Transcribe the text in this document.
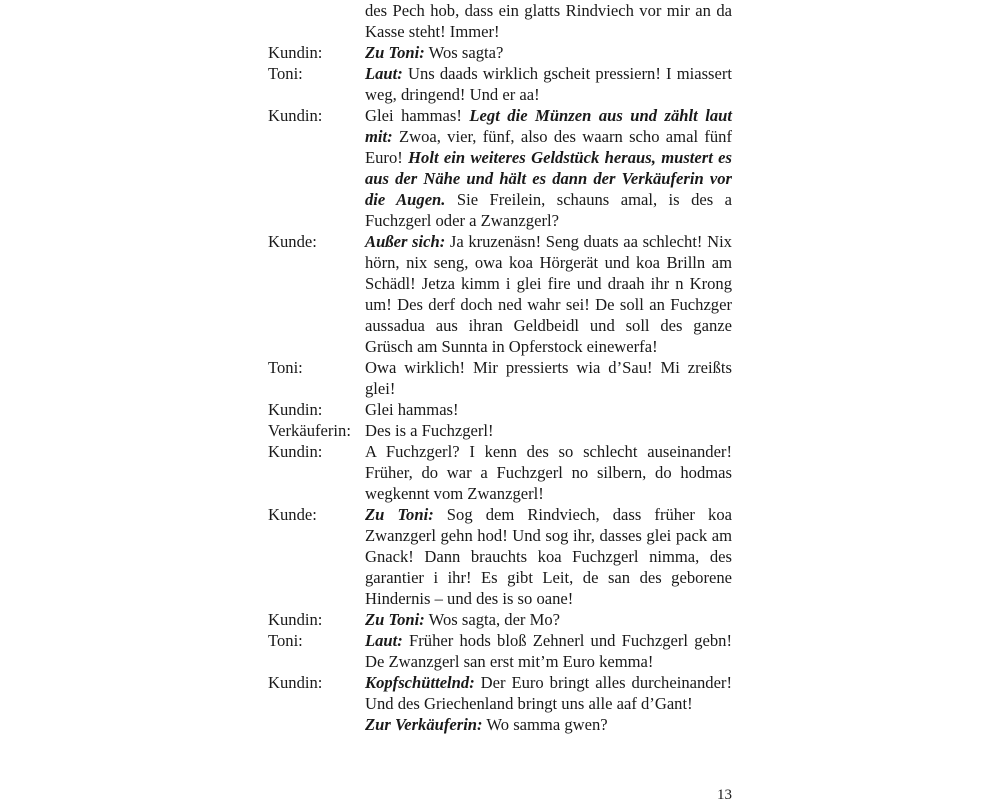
des Pech hob, dass ein glatts Rindviech vor mir an da Kasse steht! Immer!
Kundin:	Zu Toni: Wos sagta?
Toni:	Laut: Uns daads wirklich gscheit pressiern! I miassert weg, dringend! Und er aa!
Kundin:	Glei hammas! Legt die Münzen aus und zählt laut mit: Zwoa, vier, fünf, also des waarn scho amal fünf Euro! Holt ein weiteres Geldstück heraus, mustert es aus der Nähe und hält es dann der Verkäuferin vor die Augen. Sie Freilein, schauns amal, is des a Fuchzgerl oder a Zwanzgerl?
Kunde:	Außer sich: Ja kruzenäsn! Seng duats aa schlecht! Nix hörn, nix seng, owa koa Hörgerät und koa Brilln am Schädl! Jetza kimm i glei fire und draah ihr n Krong um! Des derf doch ned wahr sei! De soll an Fuchzger aussadua aus ihran Geldbeidl und soll des ganze Grüsch am Sunnta in Opferstock einewerfa!
Toni:	Owa wirklich! Mir pressierts wia d’Sau! Mi zreißts glei!
Kundin:	Glei hammas!
Verkäuferin: Des is a Fuchzgerl!
Kundin:	A Fuchzgerl? I kenn des so schlecht auseinander! Früher, do war a Fuchzgerl no silbern, do hodmas wegkennt vom Zwanzgerl!
Kunde:	Zu Toni: Sog dem Rindviech, dass früher koa Zwanzgerl gehn hod! Und sog ihr, dasses glei pack am Gnack! Dann brauchts koa Fuchzgerl nimma, des garantier i ihr! Es gibt Leit, de san des geborene Hindernis – und des is so oane!
Kundin:	Zu Toni: Wos sagta, der Mo?
Toni:	Laut: Früher hods bloß Zehnerl und Fuchzgerl gebn! De Zwanzgerl san erst mit’m Euro kemma!
Kundin:	Kopfschüttelnd: Der Euro bringt alles durcheinander! Und des Griechenland bringt uns alle aaf d’Gant!
Zur Verkäuferin: Wo samma gwen?
13
